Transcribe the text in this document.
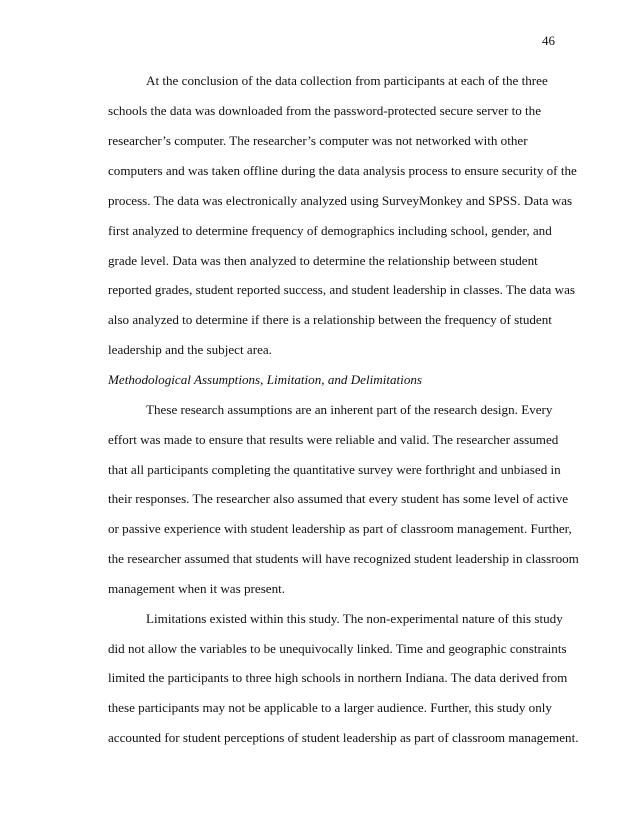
46
At the conclusion of the data collection from participants at each of the three
schools the data was downloaded from the password-protected secure server to the
researcher’s computer. The researcher’s computer was not networked with other
computers and was taken offline during the data analysis process to ensure security of the
process. The data was electronically analyzed using SurveyMonkey and SPSS. Data was
first analyzed to determine frequency of demographics including school, gender, and
grade level. Data was then analyzed to determine the relationship between student
reported grades, student reported success, and student leadership in classes. The data was
also analyzed to determine if there is a relationship between the frequency of student
leadership and the subject area.
Methodological Assumptions, Limitation, and Delimitations
These research assumptions are an inherent part of the research design. Every
effort was made to ensure that results were reliable and valid. The researcher assumed
that all participants completing the quantitative survey were forthright and unbiased in
their responses. The researcher also assumed that every student has some level of active
or passive experience with student leadership as part of classroom management. Further,
the researcher assumed that students will have recognized student leadership in classroom
management when it was present.
Limitations existed within this study. The non-experimental nature of this study
did not allow the variables to be unequivocally linked. Time and geographic constraints
limited the participants to three high schools in northern Indiana. The data derived from
these participants may not be applicable to a larger audience. Further, this study only
accounted for student perceptions of student leadership as part of classroom management.
